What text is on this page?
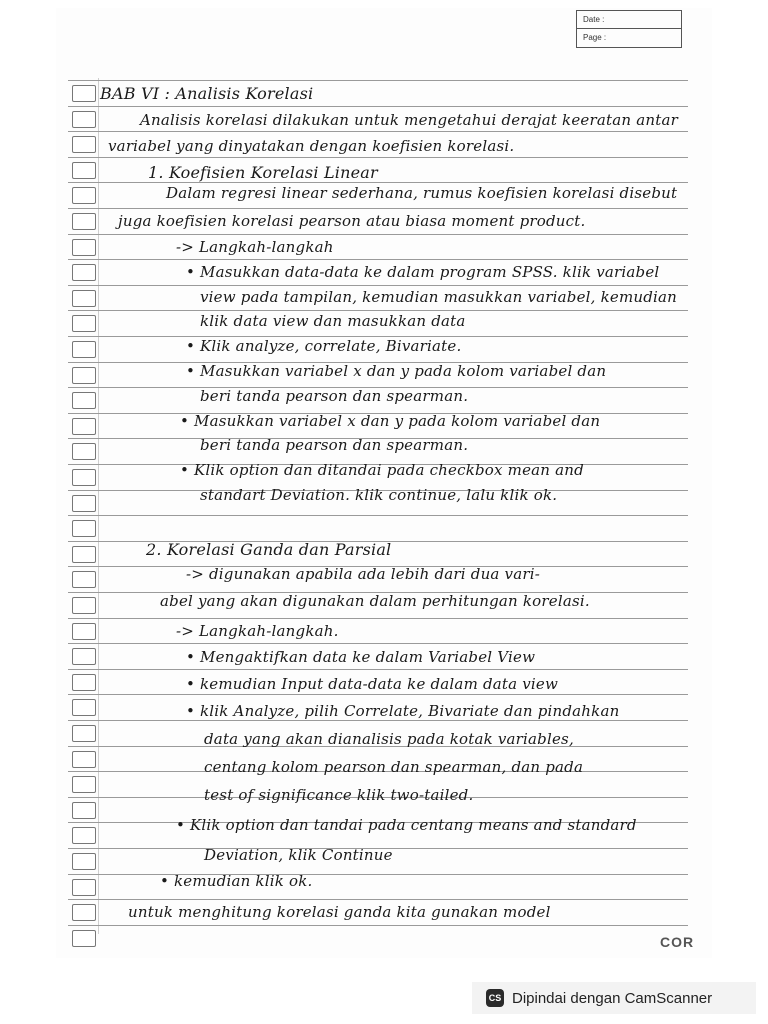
Date :
Page :
BAB VI : Analisis Korelasi
Analisis korelasi dilakukan untuk mengetahui derajat keeratan antar
variabel yang dinyatakan dengan koefisien korelasi.
1. Koefisien Korelasi Linear
Dalam regresi linear sederhana, rumus koefisien korelasi disebut
juga koefisien korelasi pearson atau biasa moment product.
-> Langkah-langkah
• Masukkan data-data ke dalam program SPSS. klik variabel
view pada tampilan, kemudian masukkan variabel, kemudian
klik data view dan masukkan data
• Klik analyze, correlate, Bivariate.
• Masukkan variabel x dan y pada kolom variabel dan
beri tanda pearson dan spearman.
• Masukkan variabel x dan y pada kolom variabel dan
beri tanda pearson dan spearman.
• Klik option dan ditandai pada checkbox mean and
standart Deviation. klik continue, lalu klik ok.
2. Korelasi Ganda dan Parsial
-> digunakan apabila ada lebih dari dua vari-
abel yang akan digunakan dalam perhitungan korelasi.
-> Langkah-langkah.
• Mengaktifkan data ke dalam Variabel View
• kemudian Input data-data ke dalam data view
• klik Analyze, pilih Correlate, Bivariate dan pindahkan
data yang akan dianalisis pada kotak variables,
centang kolom pearson dan spearman, dan pada
test of significance klik two-tailed.
• Klik option dan tandai pada centang means and standard
Deviation, klik Continue
• kemudian klik ok.
untuk menghitung korelasi ganda kita gunakan model
COR
CS Dipindai dengan CamScanner
